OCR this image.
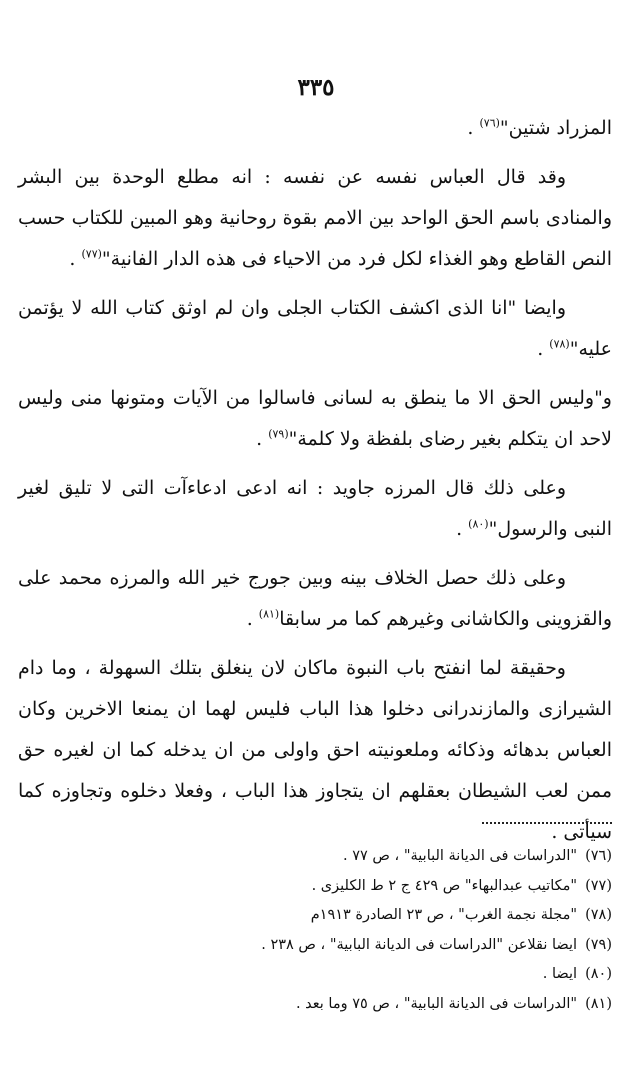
٣٣٥

المزراد شتين"$^{(٧٦)}$ .

وقد قال العباس نفسه عن نفسه : انه مطلع الوحدة بين البشر والمنادى باسم الحق الواحد بين الامم بقوة روحانية وهو المبين للكتاب حسب النص القاطع وهو الغذاء لكل فرد من الاحياء فى هذه الدار الفانية"$^{(٧٧)}$ .

وايضا "انا الذى اكشف الكتاب الجلى وان لم اوثق كتاب الله لا يؤتمن عليه"$^{(٧٨)}$ .

و"وليس الحق الا ما ينطق به لسانى فاسالوا من الآيات ومتونها منى وليس لاحد ان يتكلم بغير رضاى بلفظة ولا كلمة"$^{(٧٩)}$ .

وعلى ذلك قال المرزه جاويد : انه ادعى ادعاءآت التى لا تليق لغير النبى والرسول"$^{(٨٠)}$ .

وعلى ذلك حصل الخلاف بينه وبين جورج خير الله والمرزه محمد على والقزوينى والكاشانى وغيرهم كما مر سابقا$^{(٨١)}$ .

وحقيقة لما انفتح باب النبوة ماكان لان ينغلق بتلك السهولة ، وما دام الشيرازى والمازندرانى دخلوا هذا الباب فليس لهما ان يمنعا الاخرين وكان العباس بدهائه وذكائه وملعونيته احق واولى من ان يدخله كما ان لغيره حق ممن لعب الشيطان بعقلهم ان يتجاوز هذا الباب ، وفعلا دخلوه وتجاوزه كما سيأتى .

(٧٦)"الدراسات فى الديانة البابية" ، ص ٧٧ .
(٧٧)"مكاتيب عبدالبهاء" ص ٤٢٩ ج ٢ ط الكليزى .
(٧٨)"مجلة نجمة الغرب" ، ص ٢٣ الصادرة ١٩١٣م
(٧٩)ايضا نقلاعن "الدراسات فى الديانة البابية" ، ص ٢٣٨ .
(٨٠)ايضا .
(٨١)"الدراسات فى الديانة البابية" ، ص ٧٥ وما بعد .
